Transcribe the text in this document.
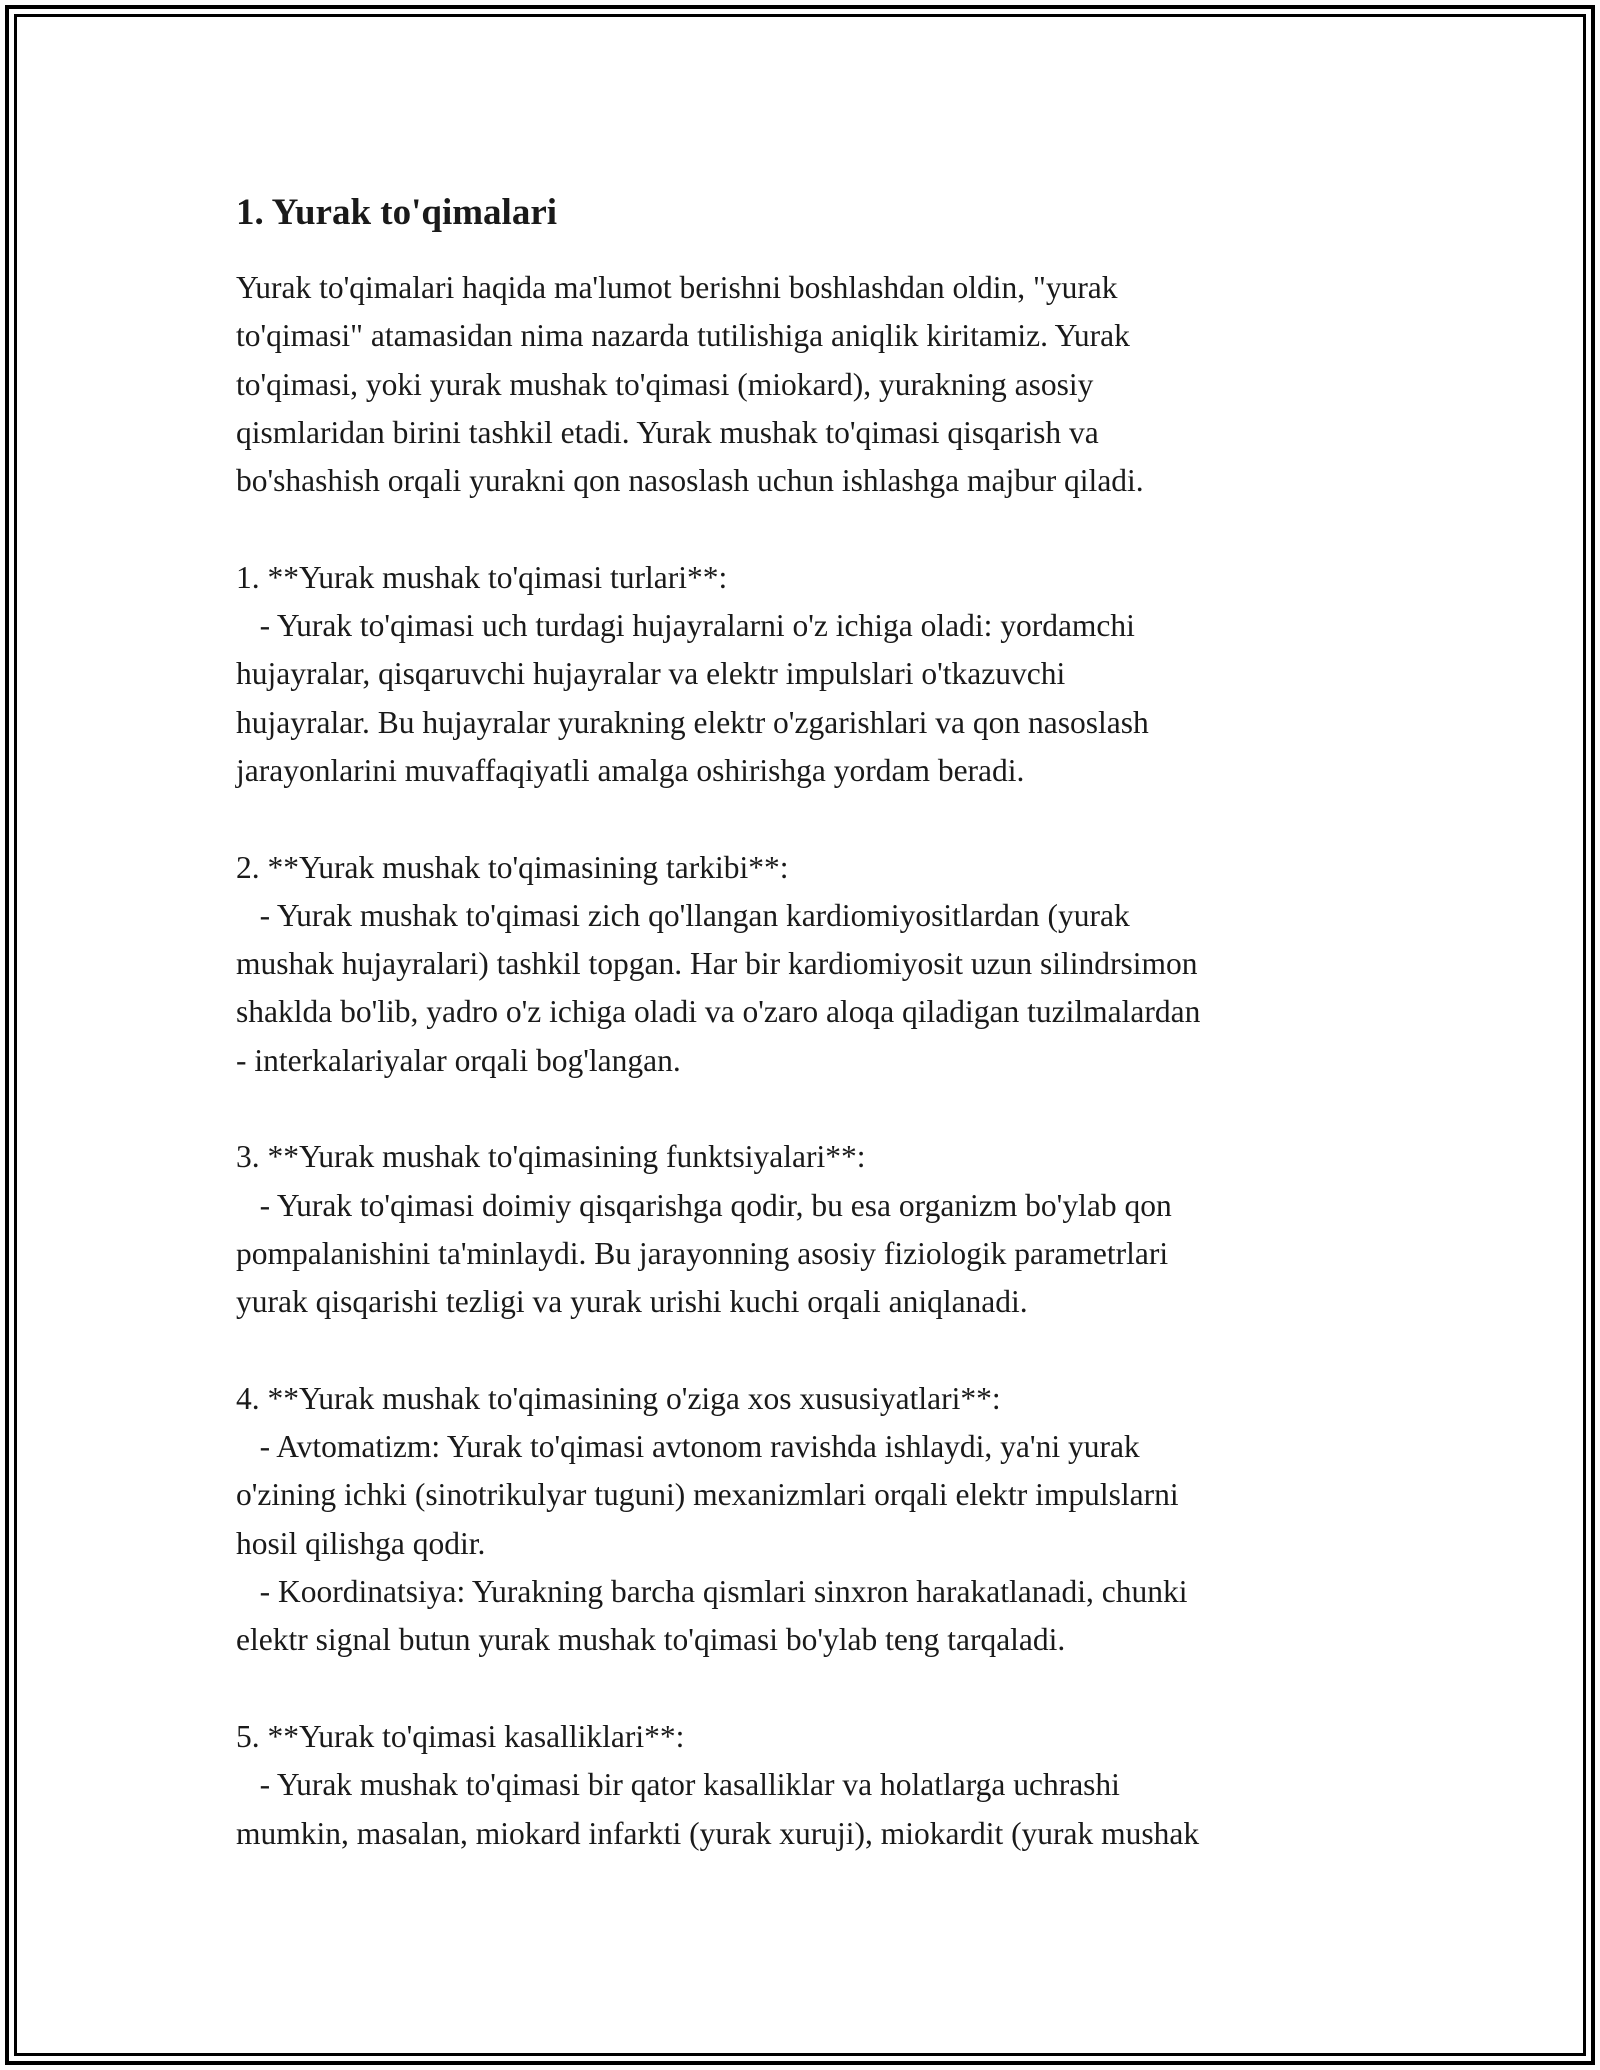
1. Yurak to'qimalari
Yurak to'qimalari haqida ma'lumot berishni boshlashdan oldin, "yurak
to'qimasi" atamasidan nima nazarda tutilishiga aniqlik kiritamiz. Yurak
to'qimasi, yoki yurak mushak to'qimasi (miokard), yurakning asosiy
qismlaridan birini tashkil etadi. Yurak mushak to'qimasi qisqarish va
bo'shashish orqali yurakni qon nasoslash uchun ishlashga majbur qiladi.
1. **Yurak mushak to'qimasi turlari**:
- Yurak to'qimasi uch turdagi hujayralarni o'z ichiga oladi: yordamchi
hujayralar, qisqaruvchi hujayralar va elektr impulslari o'tkazuvchi
hujayralar. Bu hujayralar yurakning elektr o'zgarishlari va qon nasoslash
jarayonlarini muvaffaqiyatli amalga oshirishga yordam beradi.
2. **Yurak mushak to'qimasining tarkibi**:
- Yurak mushak to'qimasi zich qo'llangan kardiomiyositlardan (yurak
mushak hujayralari) tashkil topgan. Har bir kardiomiyosit uzun silindrsimon
shaklda bo'lib, yadro o'z ichiga oladi va o'zaro aloqa qiladigan tuzilmalardan
- interkalariyalar orqali bog'langan.
3. **Yurak mushak to'qimasining funktsiyalari**:
- Yurak to'qimasi doimiy qisqarishga qodir, bu esa organizm bo'ylab qon
pompalanishini ta'minlaydi. Bu jarayonning asosiy fiziologik parametrlari
yurak qisqarishi tezligi va yurak urishi kuchi orqali aniqlanadi.
4. **Yurak mushak to'qimasining o'ziga xos xususiyatlari**:
- Avtomatizm: Yurak to'qimasi avtonom ravishda ishlaydi, ya'ni yurak
o'zining ichki (sinotrikulyar tuguni) mexanizmlari orqali elektr impulslarni
hosil qilishga qodir.
- Koordinatsiya: Yurakning barcha qismlari sinxron harakatlanadi, chunki
elektr signal butun yurak mushak to'qimasi bo'ylab teng tarqaladi.
5. **Yurak to'qimasi kasalliklari**:
- Yurak mushak to'qimasi bir qator kasalliklar va holatlarga uchrashi
mumkin, masalan, miokard infarkti (yurak xuruji), miokardit (yurak mushak
